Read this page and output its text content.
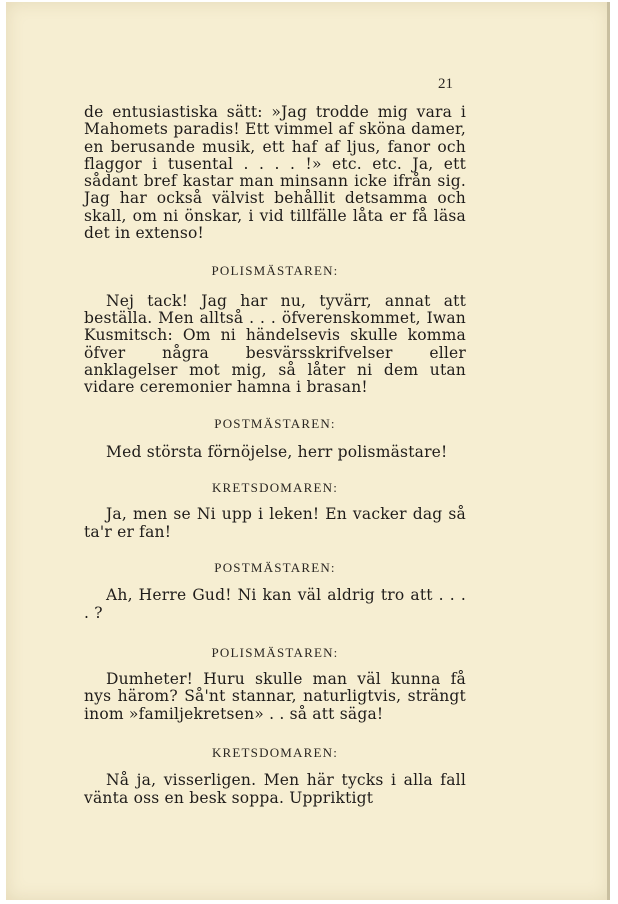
21

de entusiastiska sätt: »Jag trodde mig vara i Mahomets paradis! Ett vimmel af sköna damer, en berusande musik, ett haf af ljus, fanor och flaggor i tusental . . . . !» etc. etc. Ja, ett sådant bref kastar man minsann icke ifrån sig. Jag har också välvist behållit detsamma och skall, om ni önskar, i vid tillfälle låta er få läsa det in extenso!

POLISMÄSTAREN:

Nej tack! Jag har nu, tyvärr, annat att beställa. Men alltså . . . öfverenskommet, Iwan Kusmitsch: Om ni händelsevis skulle komma öfver några besvärsskrifvelser eller anklagelser mot mig, så låter ni dem utan vidare ceremonier hamna i brasan!

POSTMÄSTAREN:

Med största förnöjelse, herr polismästare!

KRETSDOMAREN:

Ja, men se Ni upp i leken! En vacker dag så ta'r er fan!

POSTMÄSTAREN:

Ah, Herre Gud! Ni kan väl aldrig tro att . . . . ?

POLISMÄSTAREN:

Dumheter! Huru skulle man väl kunna få nys härom? Så'nt stannar, naturligtvis, strängt inom »familjekretsen» . . så att säga!

KRETSDOMAREN:

Nå ja, visserligen. Men här tycks i alla fall vänta oss en besk soppa. Uppriktigt
